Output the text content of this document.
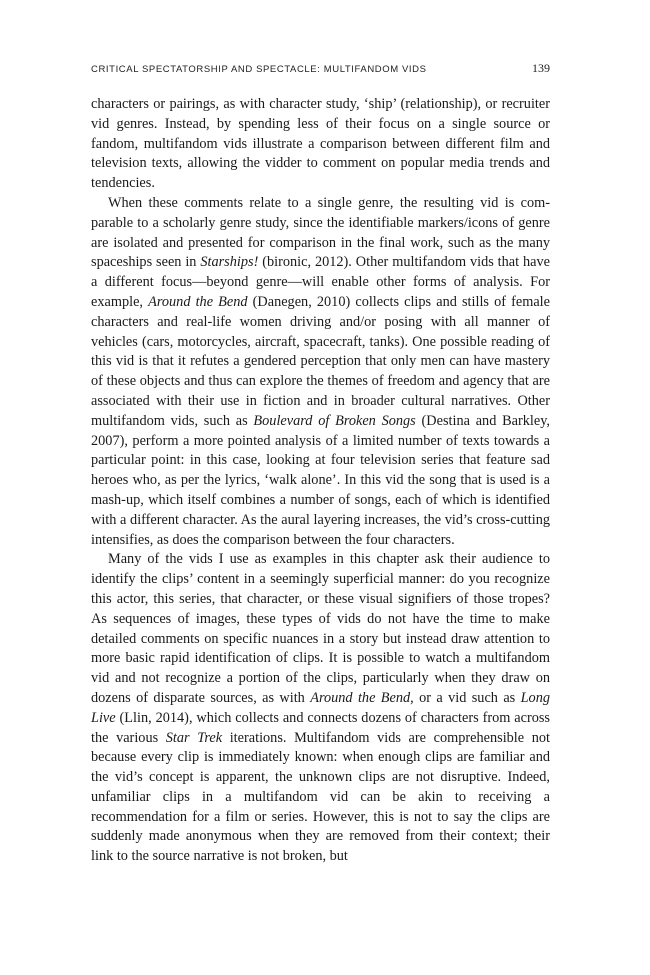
CRITICAL SPECTATORSHIP AND SPECTACLE: MULTIFANDOM VIDS	139

characters or pairings, as with character study, ‘ship’ (relationship), or recruiter vid genres. Instead, by spending less of their focus on a single source or fandom, multifandom vids illustrate a comparison between different film and television texts, allowing the vidder to comment on popular media trends and tendencies.

When these comments relate to a single genre, the resulting vid is comparable to a scholarly genre study, since the identifiable markers/icons of genre are isolated and presented for comparison in the final work, such as the many spaceships seen in Starships! (bironic, 2012). Other multifandom vids that have a different focus—beyond genre—will enable other forms of analysis. For example, Around the Bend (Danegen, 2010) collects clips and stills of female characters and real-life women driving and/or posing with all manner of vehicles (cars, motorcycles, aircraft, spacecraft, tanks). One possible reading of this vid is that it refutes a gendered perception that only men can have mastery of these objects and thus can explore the themes of freedom and agency that are associated with their use in fiction and in broader cultural narratives. Other multifandom vids, such as Boulevard of Broken Songs (Destina and Barkley, 2007), perform a more pointed analysis of a limited number of texts towards a particular point: in this case, looking at four television series that feature sad heroes who, as per the lyrics, ‘walk alone’. In this vid the song that is used is a mash-up, which itself combines a number of songs, each of which is identified with a different character. As the aural layering increases, the vid’s cross-cutting intensifies, as does the comparison between the four characters.

Many of the vids I use as examples in this chapter ask their audience to identify the clips’ content in a seemingly superficial manner: do you recognize this actor, this series, that character, or these visual signifiers of those tropes? As sequences of images, these types of vids do not have the time to make detailed comments on specific nuances in a story but instead draw attention to more basic rapid identification of clips. It is possible to watch a multifandom vid and not recognize a portion of the clips, particularly when they draw on dozens of disparate sources, as with Around the Bend, or a vid such as Long Live (Llin, 2014), which collects and connects dozens of characters from across the various Star Trek iterations. Multifandom vids are comprehensible not because every clip is immediately known: when enough clips are familiar and the vid’s concept is apparent, the unknown clips are not disruptive. Indeed, unfamiliar clips in a multifandom vid can be akin to receiving a recommendation for a film or series. However, this is not to say the clips are suddenly made anonymous when they are removed from their context; their link to the source narrative is not broken, but
